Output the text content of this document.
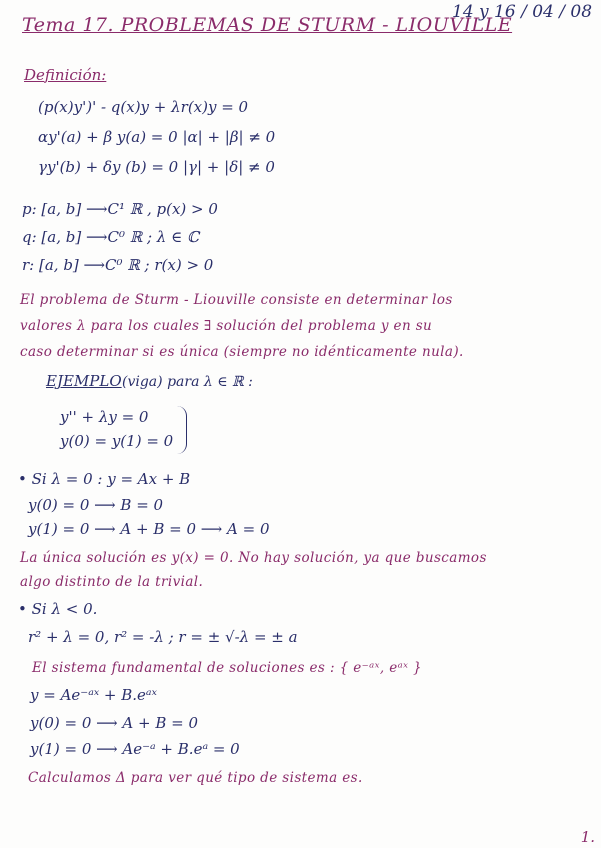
Tema 17. PROBLEMAS DE STURM - LIOUVILLE
14 y 16 / 04 / 08
Definición:
(p(x)y')' - q(x)y + λr(x)y = 0
αy'(a) + β y(a) = 0 |α| + |β| ≠ 0
γy'(b) + δy (b) = 0 |γ| + |δ| ≠ 0
p: [a, b] ⟶C¹ ℝ , p(x) > 0
q: [a, b] ⟶C⁰ ℝ ; λ ∈ ℂ
r: [a, b] ⟶C⁰ ℝ ; r(x) > 0
El problema de Sturm - Liouville consiste en determinar los
valores λ para los cuales ∃ solución del problema y en su
caso determinar si es única (siempre no idénticamente nula).
EJEMPLO (viga) para λ ∈ ℝ :
y'' + λy = 0
y(0) = y(1) = 0
• Si λ = 0 : y = Ax + B
y(0) = 0 ⟶ B = 0
y(1) = 0 ⟶ A + B = 0 ⟶ A = 0
La única solución es y(x) = 0. No hay solución, ya que buscamos
algo distinto de la trivial.
• Si λ < 0.
r² + λ = 0, r² = -λ ; r = ± √-λ = ± a
El sistema fundamental de soluciones es : { e⁻ᵃˣ, eᵃˣ }
y = Ae⁻ᵃˣ + B.eᵃˣ
y(0) = 0 ⟶ A + B = 0
y(1) = 0 ⟶ Ae⁻ᵃ + B.eᵃ = 0
Calculamos Δ para ver qué tipo de sistema es.
1.
